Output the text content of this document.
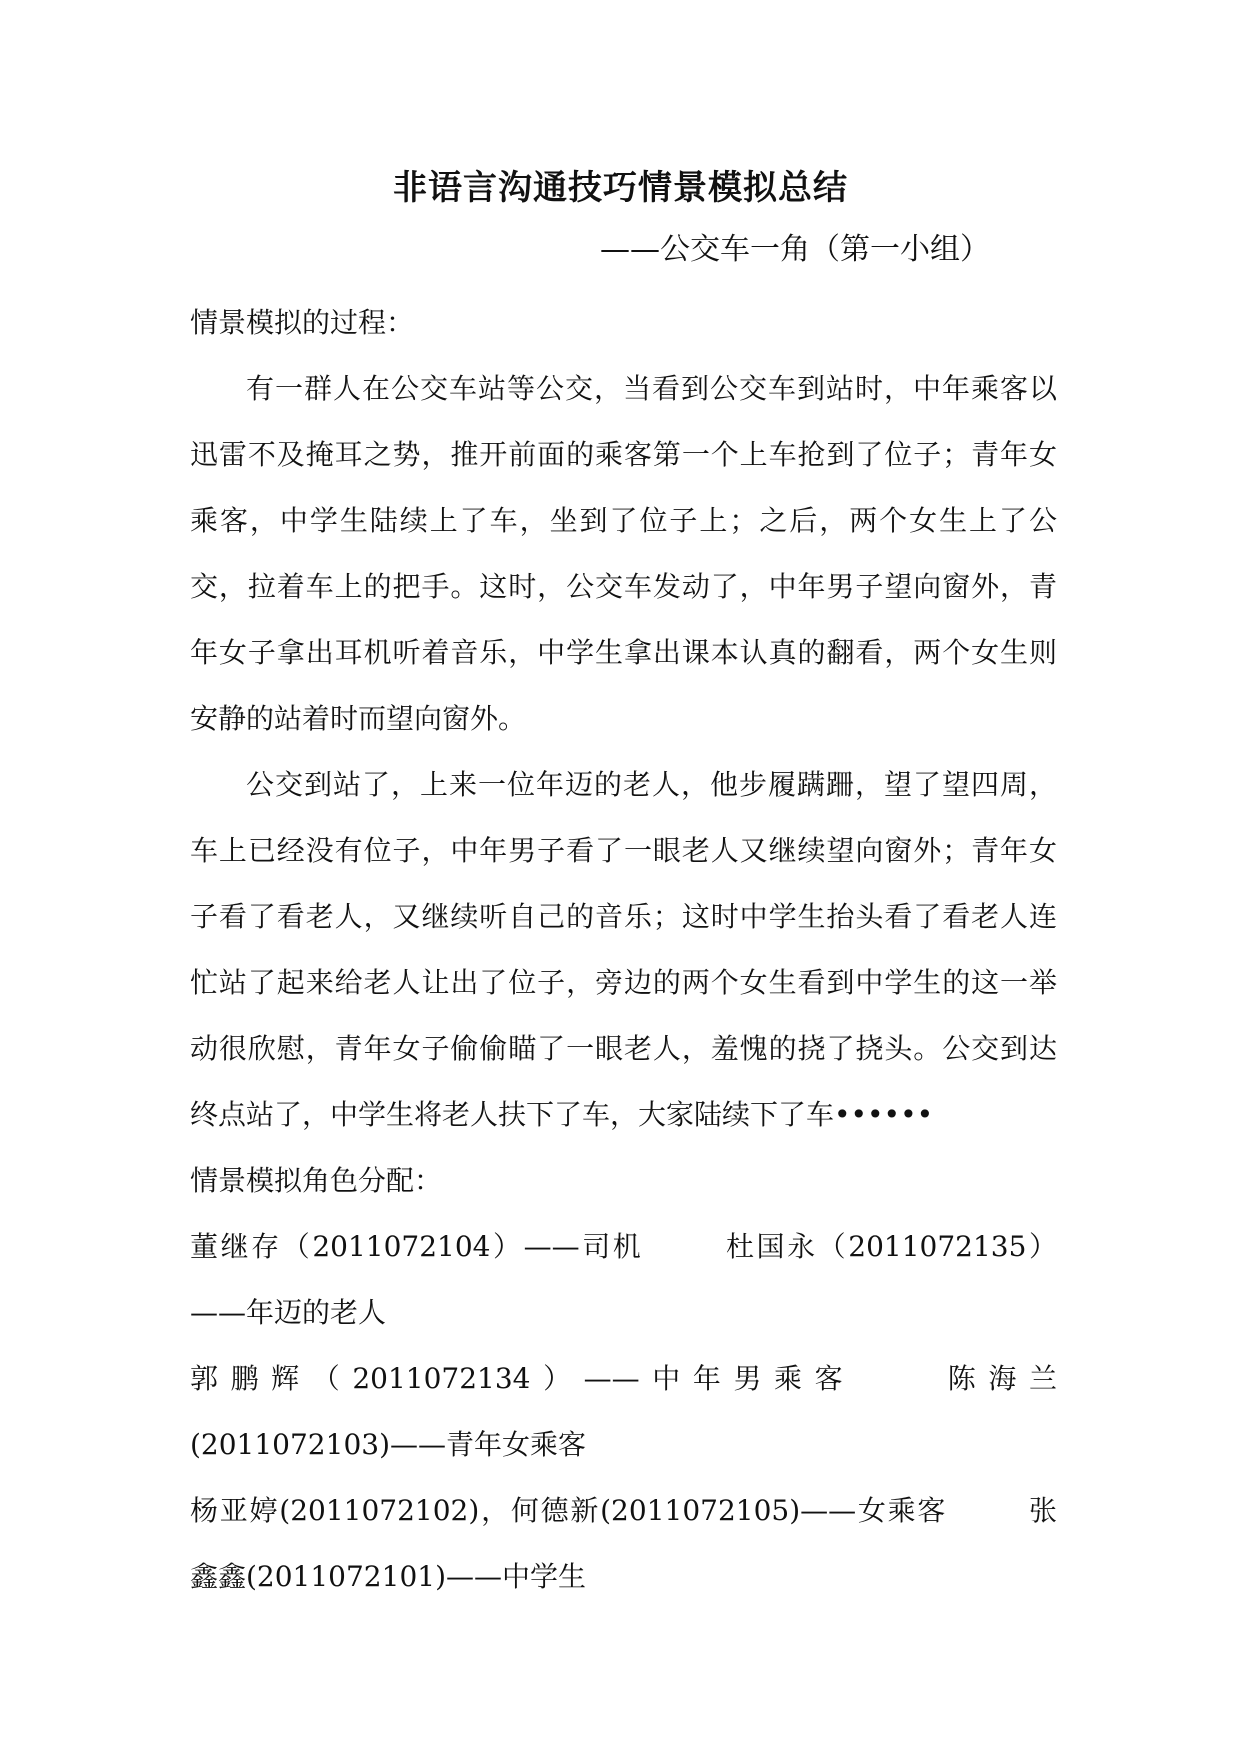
非语言沟通技巧情景模拟总结
——公交车一角（第一小组）

情景模拟的过程：

有一群人在公交车站等公交，当看到公交车到站时，中年乘客以迅雷不及掩耳之势，推开前面的乘客第一个上车抢到了位子；青年女乘客，中学生陆续上了车，坐到了位子上；之后，两个女生上了公交，拉着车上的把手。这时，公交车发动了，中年男子望向窗外，青年女子拿出耳机听着音乐，中学生拿出课本认真的翻看，两个女生则安静的站着时而望向窗外。

公交到站了，上来一位年迈的老人，他步履蹒跚，望了望四周，车上已经没有位子，中年男子看了一眼老人又继续望向窗外；青年女子看了看老人，又继续听自己的音乐；这时中学生抬头看了看老人连忙站了起来给老人让出了位子，旁边的两个女生看到中学生的这一举动很欣慰，青年女子偷偷瞄了一眼老人，羞愧的挠了挠头。公交到达终点站了，中学生将老人扶下了车，大家陆续下了车••••••

情景模拟角色分配：

董继存（2011072104）——司机	杜国永（2011072135）——年迈的老人

郭鹏辉（2011072134）——中年男乘客	陈海兰(2011072103)——青年女乘客

杨亚婷(2011072102)，何德新(2011072105)——女乘客	张鑫鑫(2011072101)——中学生
